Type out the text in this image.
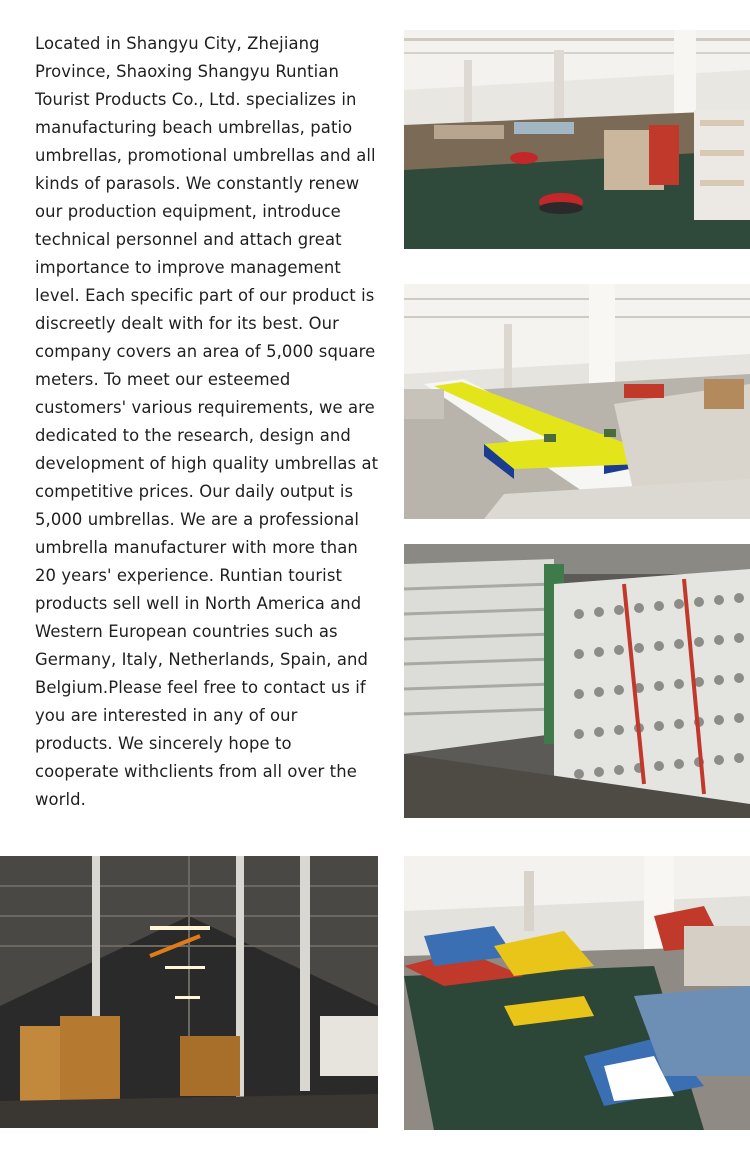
Located in Shangyu City, Zhejiang Province, Shaoxing Shangyu Runtian Tourist Products Co., Ltd. specializes in manufacturing beach umbrellas, patio umbrellas, promotional umbrellas and all kinds of parasols. We constantly renew our production equipment, introduce technical personnel and attach great importance to improve management level. Each specific part of our product is discreetly dealt with for its best. Our company covers an area of 5,000 square meters. To meet our esteemed customers' various requirements, we are dedicated to the research, design and development of high quality umbrellas at competitive prices. Our daily output is 5,000 umbrellas. We are a professional umbrella manufacturer with more than 20 years' experience. Runtian tourist products sell well in North America and Western European countries such as Germany, Italy, Netherlands, Spain, and Belgium.Please feel free to contact us if you are interested in any of our products. We sincerely hope to cooperate withclients from all over the world.
